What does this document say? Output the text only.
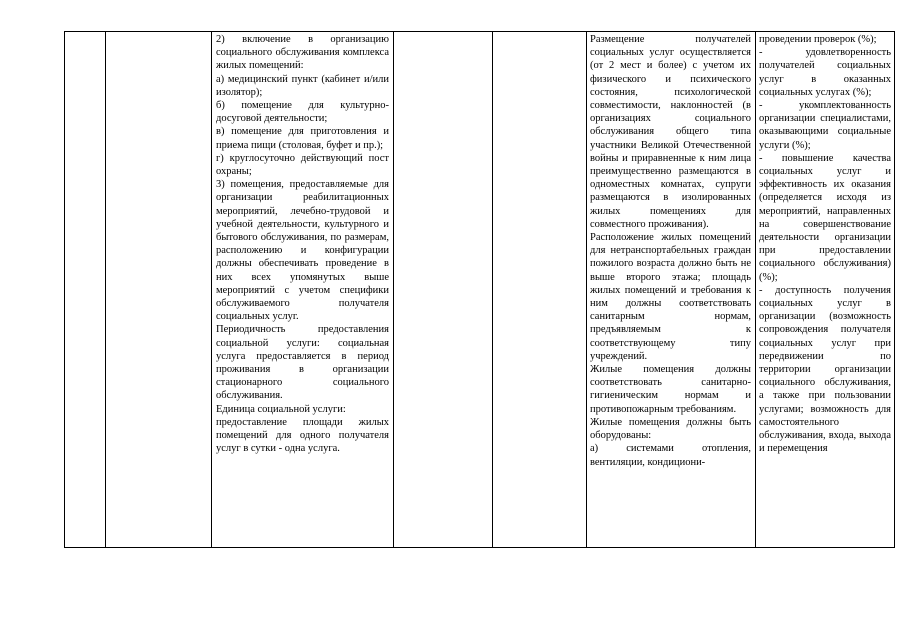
2) включение в организацию социального обслуживания комплекса жилых помещений:

а) медицинский пункт (кабинет и/или изолятор);

б) помещение для культурно-досуговой деятельности;

в) помещение для приготовления и приема пищи (столовая, буфет и пр.);

г) круглосуточно действующий пост охраны;

3) помещения, предоставляемые для организации реабилитационных мероприятий, лечебно-трудовой и учебной деятельности, культурного и бытового обслуживания, по размерам, расположению и конфигурации должны обеспечивать проведение в них всех упомянутых выше мероприятий с учетом специфики обслуживаемого получателя социальных услуг.

Периодичность предоставления социальной услуги: социальная услуга предоставляется в период проживания в организации стационарного социального обслуживания.

Единица социальной услуги:

предоставление площади жилых помещений для одного получателя услуг в сутки - одна услуга.

Размещение получателей социальных услуг осуществляется (от 2 мест и более) с учетом их физического и психического состояния, психологической совместимости, наклонностей (в организациях социального обслуживания общего типа участники Великой Отечественной войны и приравненные к ним лица преимущественно размещаются в одноместных комнатах, супруги размещаются в изолированных жилых помещениях для совместного проживания).

Расположение жилых помещений для нетранспортабельных граждан пожилого возраста должно быть не выше второго этажа; площадь жилых помещений и требования к ним должны соответствовать санитарным нормам, предъявляемым к соответствующему типу учреждений.

Жилые помещения должны соответствовать санитарно-гигиеническим нормам и противопожарным требованиям.

Жилые помещения должны быть оборудованы:

а) системами отопления, вентиляции, кондициони-

проведении проверок (%);

- удовлетворенность получателей социальных услуг в оказанных социальных услугах (%);

- укомплектованность организации специалистами, оказывающими социальные услуги (%);

- повышение качества социальных услуг и эффективность их оказания (определяется исходя из мероприятий, направленных на совершенствование деятельности организации при предоставлении социального обслуживания) (%);

- доступность получения социальных услуг в организации (возможность сопровождения получателя социальных услуг при передвижении по территории организации социального обслуживания, а также при пользовании услугами; возможность для самостоятельного обслуживания, входа, выхода и перемещения
